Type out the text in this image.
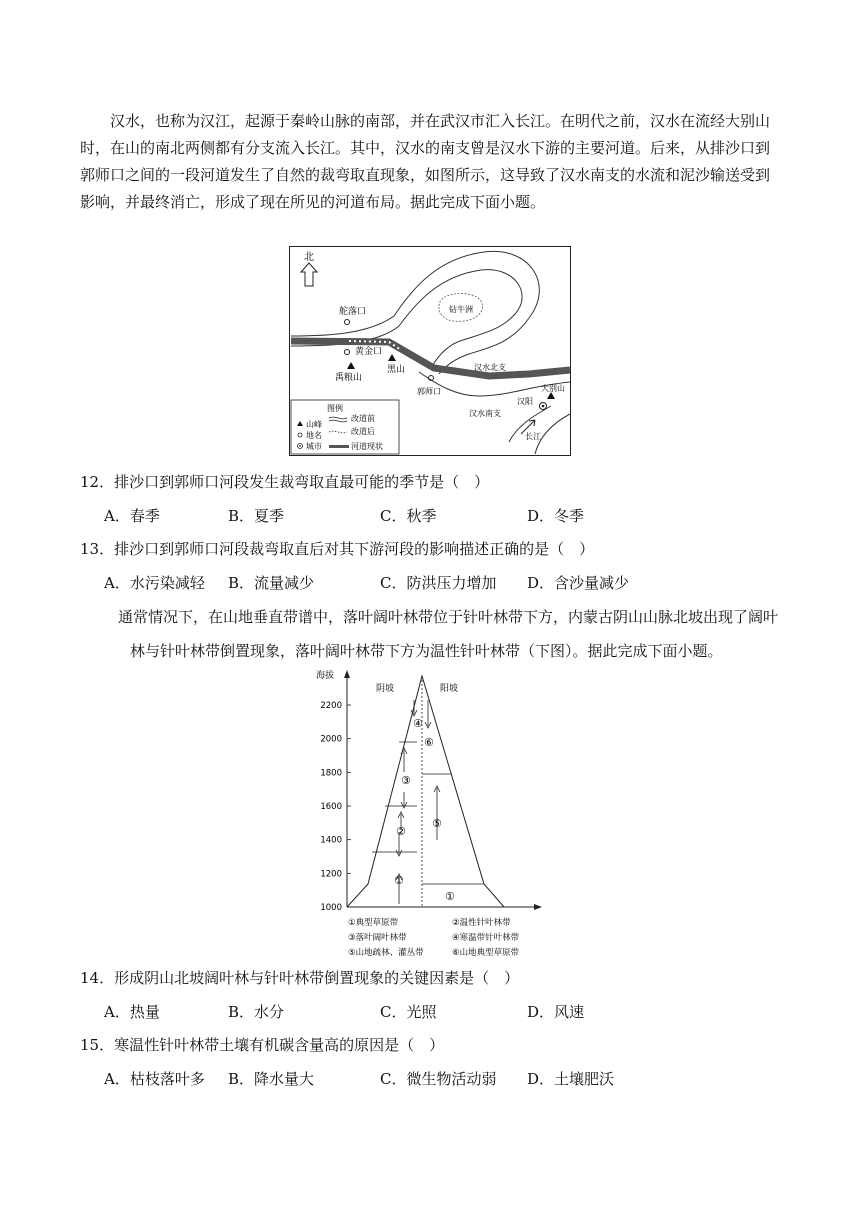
汉水，也称为汉江，起源于秦岭山脉的南部，并在武汉市汇入长江。在明代之前，汉水在流经大别山

时，在山的南北两侧都有分支流入长江。其中，汉水的南支曾是汉水下游的主要河道。后来，从排沙口到

郭师口之间的一段河道发生了自然的裁弯取直现象，如图所示，这导致了汉水南支的水流和泥沙输送受到

影响，并最终消亡，形成了现在所见的河道布局。据此完成下面小题。

北
舵落口	钻牛洲
黄金口
黑山
禹粮山
郭师口
汉水北支
汉水南支
大别山
汉阳
长江
图例
山峰
地名
城市
改道前
改道后
河道现状
12．排沙口到郭师口河段发生裁弯取直最可能的季节是（　）
A．春季	B．夏季	C．秋季	D．冬季
13．排沙口到郭师口河段裁弯取直后对其下游河段的影响描述正确的是（　）
A．水污染减轻 B．流量减少	C．防洪压力增加 D．含沙量减少
通常情况下，在山地垂直带谱中，落叶阔叶林带位于针叶林带下方，内蒙古阴山山脉北坡出现了阔叶
林与针叶林带倒置现象，落叶阔叶林带下方为温性针叶林带（下图）。据此完成下面小题。
海拔
2200
2000
1800
1600
1400
1200
1000
阴坡	阳坡
①
②
③
④
⑤
⑥
①
①典型草原带	②温性针叶林带
③落叶阔叶林带	④寒温带针叶林带
⑤山地疏林、灌丛带	⑥山地典型草原带
14．形成阴山北坡阔叶林与针叶林带倒置现象的关键因素是（　）
A．热量	B．水分	C．光照	D．风速
15．寒温性针叶林带土壤有机碳含量高的原因是（　）
A．枯枝落叶多 B．降水量大	C．微生物活动弱 D．土壤肥沃
